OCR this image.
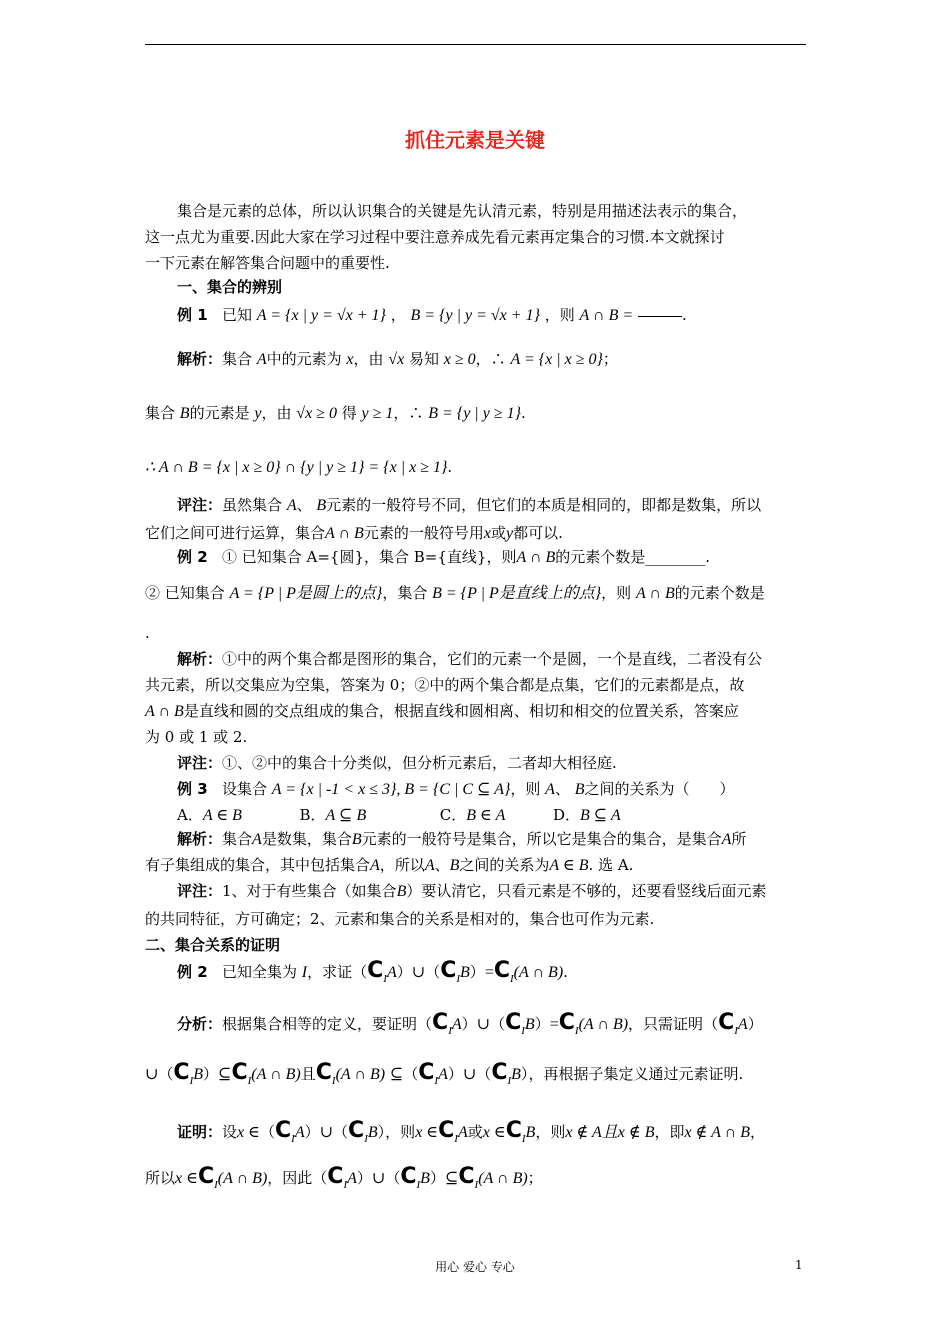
抓住元素是关键
集合是元素的总体，所以认识集合的关键是先认清元素，特别是用描述法表示的集合，
这一点尤为重要.因此大家在学习过程中要注意养成先看元素再定集合的习惯.本文就探讨
一下元素在解答集合问题中的重要性.
一、集合的辨别
例 1 已知 A = {x | y = √x + 1} ， B = {y | y = √x + 1} ，则 A ∩ B =	.
解析：集合 A中的元素为 x，由 √x 易知 x ≥ 0，∴ A = {x | x ≥ 0}；
集合 B的元素是 y，由 √x ≥ 0 得 y ≥ 1，∴ B = {y | y ≥ 1}.
∴ A ∩ B = {x | x ≥ 0} ∩ {y | y ≥ 1} = {x | x ≥ 1}.
评注：虽然集合 A、 B元素的一般符号不同，但它们的本质是相同的，即都是数集，所以
它们之间可进行运算，集合A ∩ B元素的一般符号用x或y都可以.
例 2 ① 已知集合 A={圆}，集合 B={直线}，则A ∩ B的元素个数是________.
② 已知集合 A = {P | P是圆上的点}，集合 B = {P | P是直线上的点}，则 A ∩ B的元素个数是
.
解析：①中的两个集合都是图形的集合，它们的元素一个是圆，一个是直线，二者没有公
共元素，所以交集应为空集，答案为 0；②中的两个集合都是点集，它们的元素都是点，故
A ∩ B是直线和圆的交点组成的集合，根据直线和圆相离、相切和相交的位置关系，答案应
为 0 或 1 或 2.
评注：①、②中的集合十分类似，但分析元素后，二者却大相径庭.
例 3 设集合 A = {x | -1 < x ≤ 3}, B = {C | C ⊆ A}，则 A、 B之间的关系为（　　）
A．A ∈ B	B．A ⊆ B	C．B ∈ A	D．B ⊆ A
解析：集合A是数集，集合B元素的一般符号是集合，所以它是集合的集合，是集合A所
有子集组成的集合，其中包括集合A，所以A、B之间的关系为A ∈ B. 选 A.
评注：1、对于有些集合（如集合B）要认清它，只看元素是不够的，还要看竖线后面元素
的共同特征，方可确定；2、元素和集合的关系是相对的，集合也可作为元素.
二、集合关系的证明
例 2 已知全集为 I，求证$(C_IA)\cup(C_IB)=C_I(A$ ∩ B).
分析：根据集合相等的定义，要证明$(C_IA)\cup(C_IB)=C_I(A$ ∩ B)，只需证明$(C_IA)$
$\cup(C_IB)⊆C_I(A$ ∩ B)且$C_I(A$ ∩ B) $⊆(C_IA)\cup(C_IB)$，再根据子集定义通过元素证明.
证明：设x $\in(C_IA)\cup(C_IB)$，则x $\in C_IA$或x $\in C_IB$，则x ∉ A且x ∉ B，即x ∉ A ∩ B，
所以x $\in C_I(A$ ∩ B)，因此$(C_IA)\cup(C_IB)⊆C_I(A$ ∩ B)；
用心 爱心 专心	1
